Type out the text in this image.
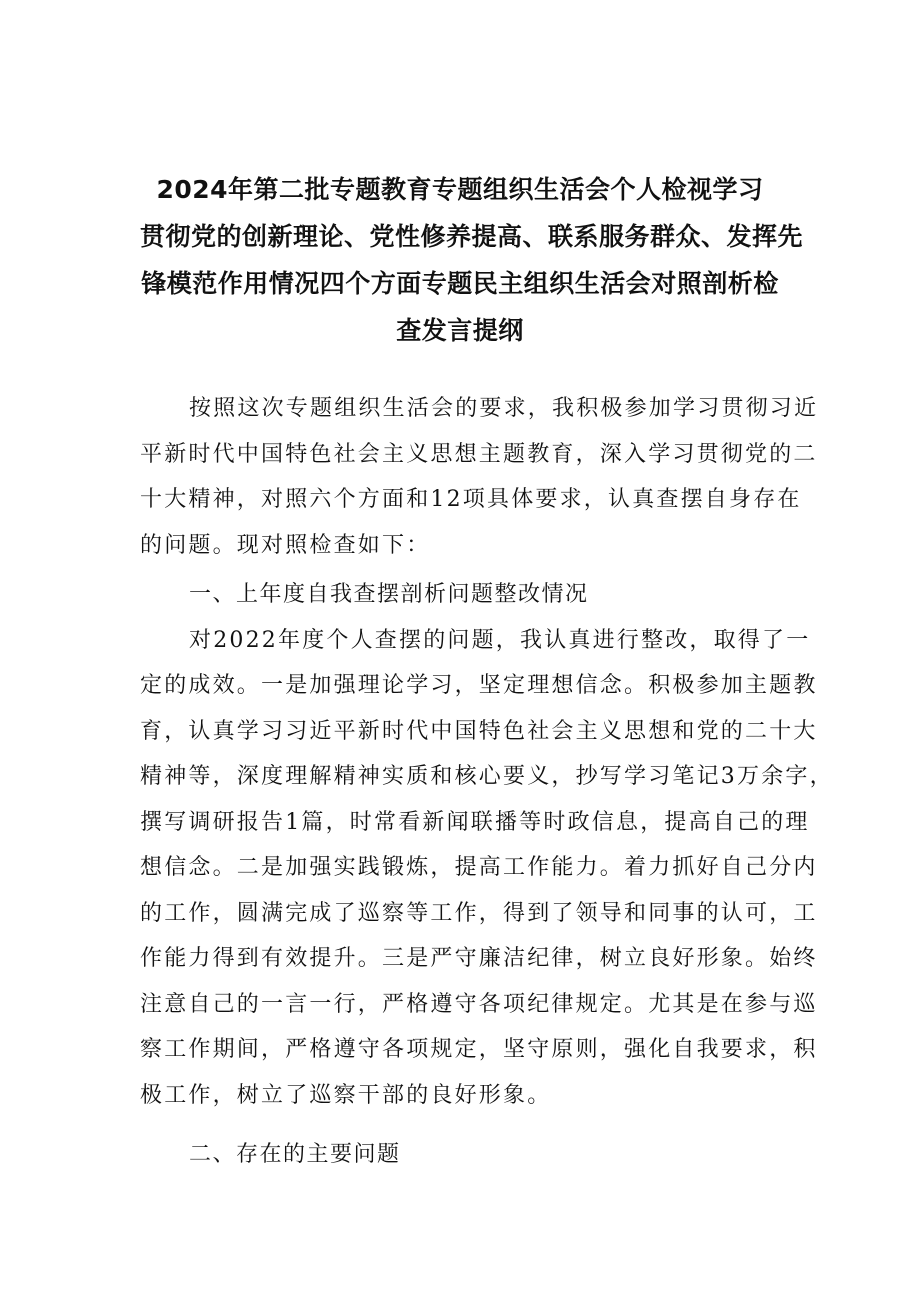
2024年第二批专题教育专题组织生活会个人检视学习
贯彻党的创新理论、党性修养提高、联系服务群众、发挥先
锋模范作用情况四个方面专题民主组织生活会对照剖析检
查发言提纲
按照这次专题组织生活会的要求，我积极参加学习贯彻习近
平新时代中国特色社会主义思想主题教育，深入学习贯彻党的二
十大精神，对照六个方面和12项具体要求，认真查摆自身存在
的问题。现对照检查如下：
一、上年度自我查摆剖析问题整改情况
对2022年度个人查摆的问题，我认真进行整改，取得了一
定的成效。一是加强理论学习，坚定理想信念。积极参加主题教
育，认真学习习近平新时代中国特色社会主义思想和党的二十大
精神等，深度理解精神实质和核心要义，抄写学习笔记3万余字，
撰写调研报告1篇，时常看新闻联播等时政信息，提高自己的理
想信念。二是加强实践锻炼，提高工作能力。着力抓好自己分内
的工作，圆满完成了巡察等工作，得到了领导和同事的认可，工
作能力得到有效提升。三是严守廉洁纪律，树立良好形象。始终
注意自己的一言一行，严格遵守各项纪律规定。尤其是在参与巡
察工作期间，严格遵守各项规定，坚守原则，强化自我要求，积
极工作，树立了巡察干部的良好形象。
二、存在的主要问题
